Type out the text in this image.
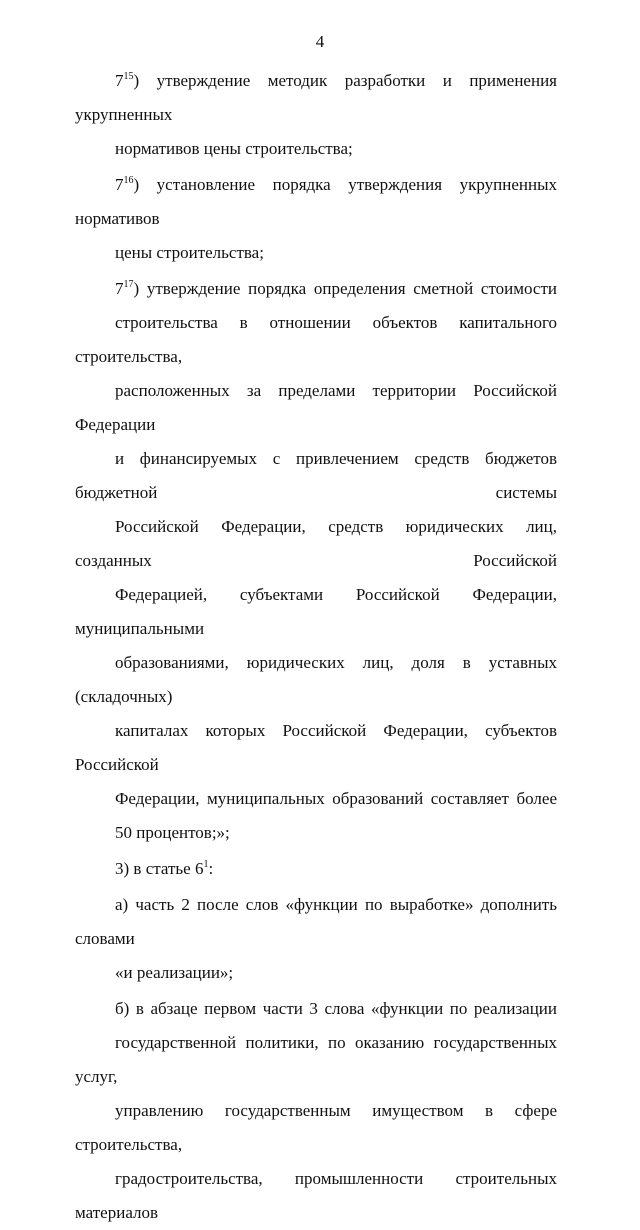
4
$7^{15}$) утверждение методик разработки и применения укрупненных
нормативов цены строительства;
$7^{16}$) установление порядка утверждения укрупненных нормативов
цены строительства;
$7^{17}$) утверждение порядка определения сметной стоимости
строительства в отношении объектов капитального строительства,
расположенных за пределами территории Российской Федерации
и финансируемых с привлечением средств бюджетов бюджетной системы
Российской Федерации, средств юридических лиц, созданных Российской
Федерацией, субъектами Российской Федерации, муниципальными
образованиями, юридических лиц, доля в уставных (складочных)
капиталах которых Российской Федерации, субъектов Российской
Федерации, муниципальных образований составляет более
50 процентов;»;
3) в статье $6^1$:
а) часть 2 после слов «функции по выработке» дополнить словами
«и реализации»;
б) в абзаце первом части 3 слова «функции по реализации
государственной политики, по оказанию государственных услуг,
управлению государственным имуществом в сфере строительства,
градостроительства, промышленности строительных материалов
